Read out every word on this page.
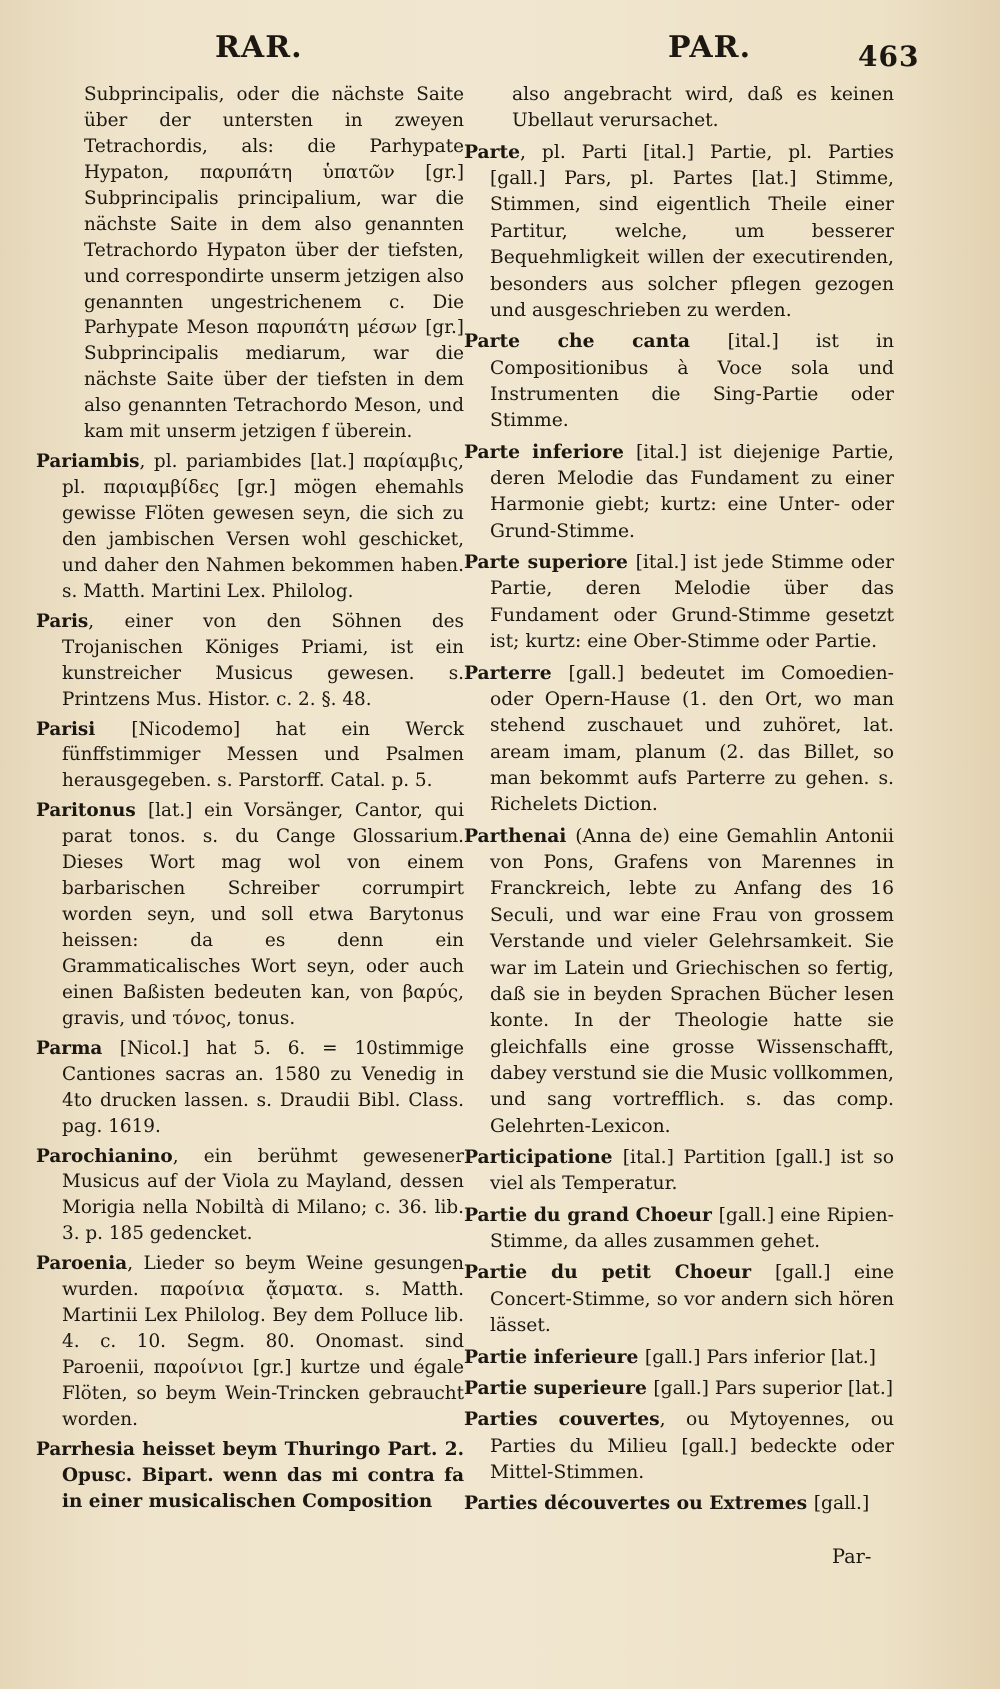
RAR.	PAR.	463

Subprincipalis, oder die nächste Saite über der untersten in zweyen Tetrachordis, als: die Parhypate Hypaton, παρυπάτη ὑπατῶν [gr.] Subprincipalis principalium, war die nächste Saite in dem also genannten Tetrachordo Hypaton über der tiefsten, und correspondirte unserm jetzigen also genannten ungestrichenem c. Die Parhypate Meson παρυπάτη μέσων [gr.] Subprincipalis mediarum, war die nächste Saite über der tiefsten in dem also genannten Tetrachordo Meson, und kam mit unserm jetzigen f überein.

Pariambis, pl. pariambides [lat.] παρίαμβις, pl. παριαμβίδες [gr.] mögen ehemahls gewisse Flöten gewesen seyn, die sich zu den jambischen Versen wohl geschicket, und daher den Nahmen bekommen haben. s. Matth. Martini Lex. Philolog.

Paris, einer von den Söhnen des Trojanischen Königes Priami, ist ein kunstreicher Musicus gewesen. s. Printzens Mus. Histor. c. 2. §. 48.

Parisi [Nicodemo] hat ein Werck fünffstimmiger Messen und Psalmen herausgegeben. s. Parstorff. Catal. p. 5.

Paritonus [lat.] ein Vorsänger, Cantor, qui parat tonos. s. du Cange Glossarium. Dieses Wort mag wol von einem barbarischen Schreiber corrumpirt worden seyn, und soll etwa Barytonus heissen: da es denn ein Grammaticalisches Wort seyn, oder auch einen Baßisten bedeuten kan, von βαρύς, gravis, und τόνος, tonus.

Parma [Nicol.] hat 5. 6. = 10stimmige Cantiones sacras an. 1580 zu Venedig in 4to drucken lassen. s. Draudii Bibl. Class. pag. 1619.

Parochianino, ein berühmt gewesener Musicus auf der Viola zu Mayland, dessen Morigia nella Nobiltà di Milano; c. 36. lib. 3. p. 185 gedencket.

Paroenia, Lieder so beym Weine gesungen wurden. παροίνια ᾄσματα. s. Matth. Martinii Lex Philolog. Bey dem Polluce lib. 4. c. 10. Segm. 80. Onomast. sind Paroenii, παροίνιοι [gr.] kurtze und égale Flöten, so beym Wein-Trincken gebraucht worden.

Parrhesia heisset beym Thuringo Part. 2. Opusc. Bipart. wenn das mi contra fa in einer musicalischen Composition

also angebracht wird, daß es keinen Ubellaut verursachet.

Parte, pl. Parti [ital.] Partie, pl. Parties [gall.] Pars, pl. Partes [lat.] Stimme, Stimmen, sind eigentlich Theile einer Partitur, welche, um besserer Bequehmligkeit willen der executirenden, besonders aus solcher pflegen gezogen und ausgeschrieben zu werden.

Parte che canta [ital.] ist in Compositionibus à Voce sola und Instrumenten die Sing-Partie oder Stimme.

Parte inferiore [ital.] ist diejenige Partie, deren Melodie das Fundament zu einer Harmonie giebt; kurtz: eine Unter- oder Grund-Stimme.

Parte superiore [ital.] ist jede Stimme oder Partie, deren Melodie über das Fundament oder Grund-Stimme gesetzt ist; kurtz: eine Ober-Stimme oder Partie.

Parterre [gall.] bedeutet im Comoedien- oder Opern-Hause (1. den Ort, wo man stehend zuschauet und zuhöret, lat. aream imam, planum (2. das Billet, so man bekommt aufs Parterre zu gehen. s. Richelets Diction.

Parthenai (Anna de) eine Gemahlin Antonii von Pons, Grafens von Marennes in Franckreich, lebte zu Anfang des 16 Seculi, und war eine Frau von grossem Verstande und vieler Gelehrsamkeit. Sie war im Latein und Griechischen so fertig, daß sie in beyden Sprachen Bücher lesen konte. In der Theologie hatte sie gleichfalls eine grosse Wissenschafft, dabey verstund sie die Music vollkommen, und sang vortrefflich. s. das comp. Gelehrten-Lexicon.

Participatione [ital.] Partition [gall.] ist so viel als Temperatur.

Partie du grand Choeur [gall.] eine Ripien-Stimme, da alles zusammen gehet.

Partie du petit Choeur [gall.] eine Concert-Stimme, so vor andern sich hören lässet.

Partie inferieure [gall.] Pars inferior [lat.]

Partie superieure [gall.] Pars superior [lat.]

Parties couvertes, ou Mytoyennes, ou Parties du Milieu [gall.] bedeckte oder Mittel-Stimmen.

Parties découvertes ou Extremes [gall.]

Par-
